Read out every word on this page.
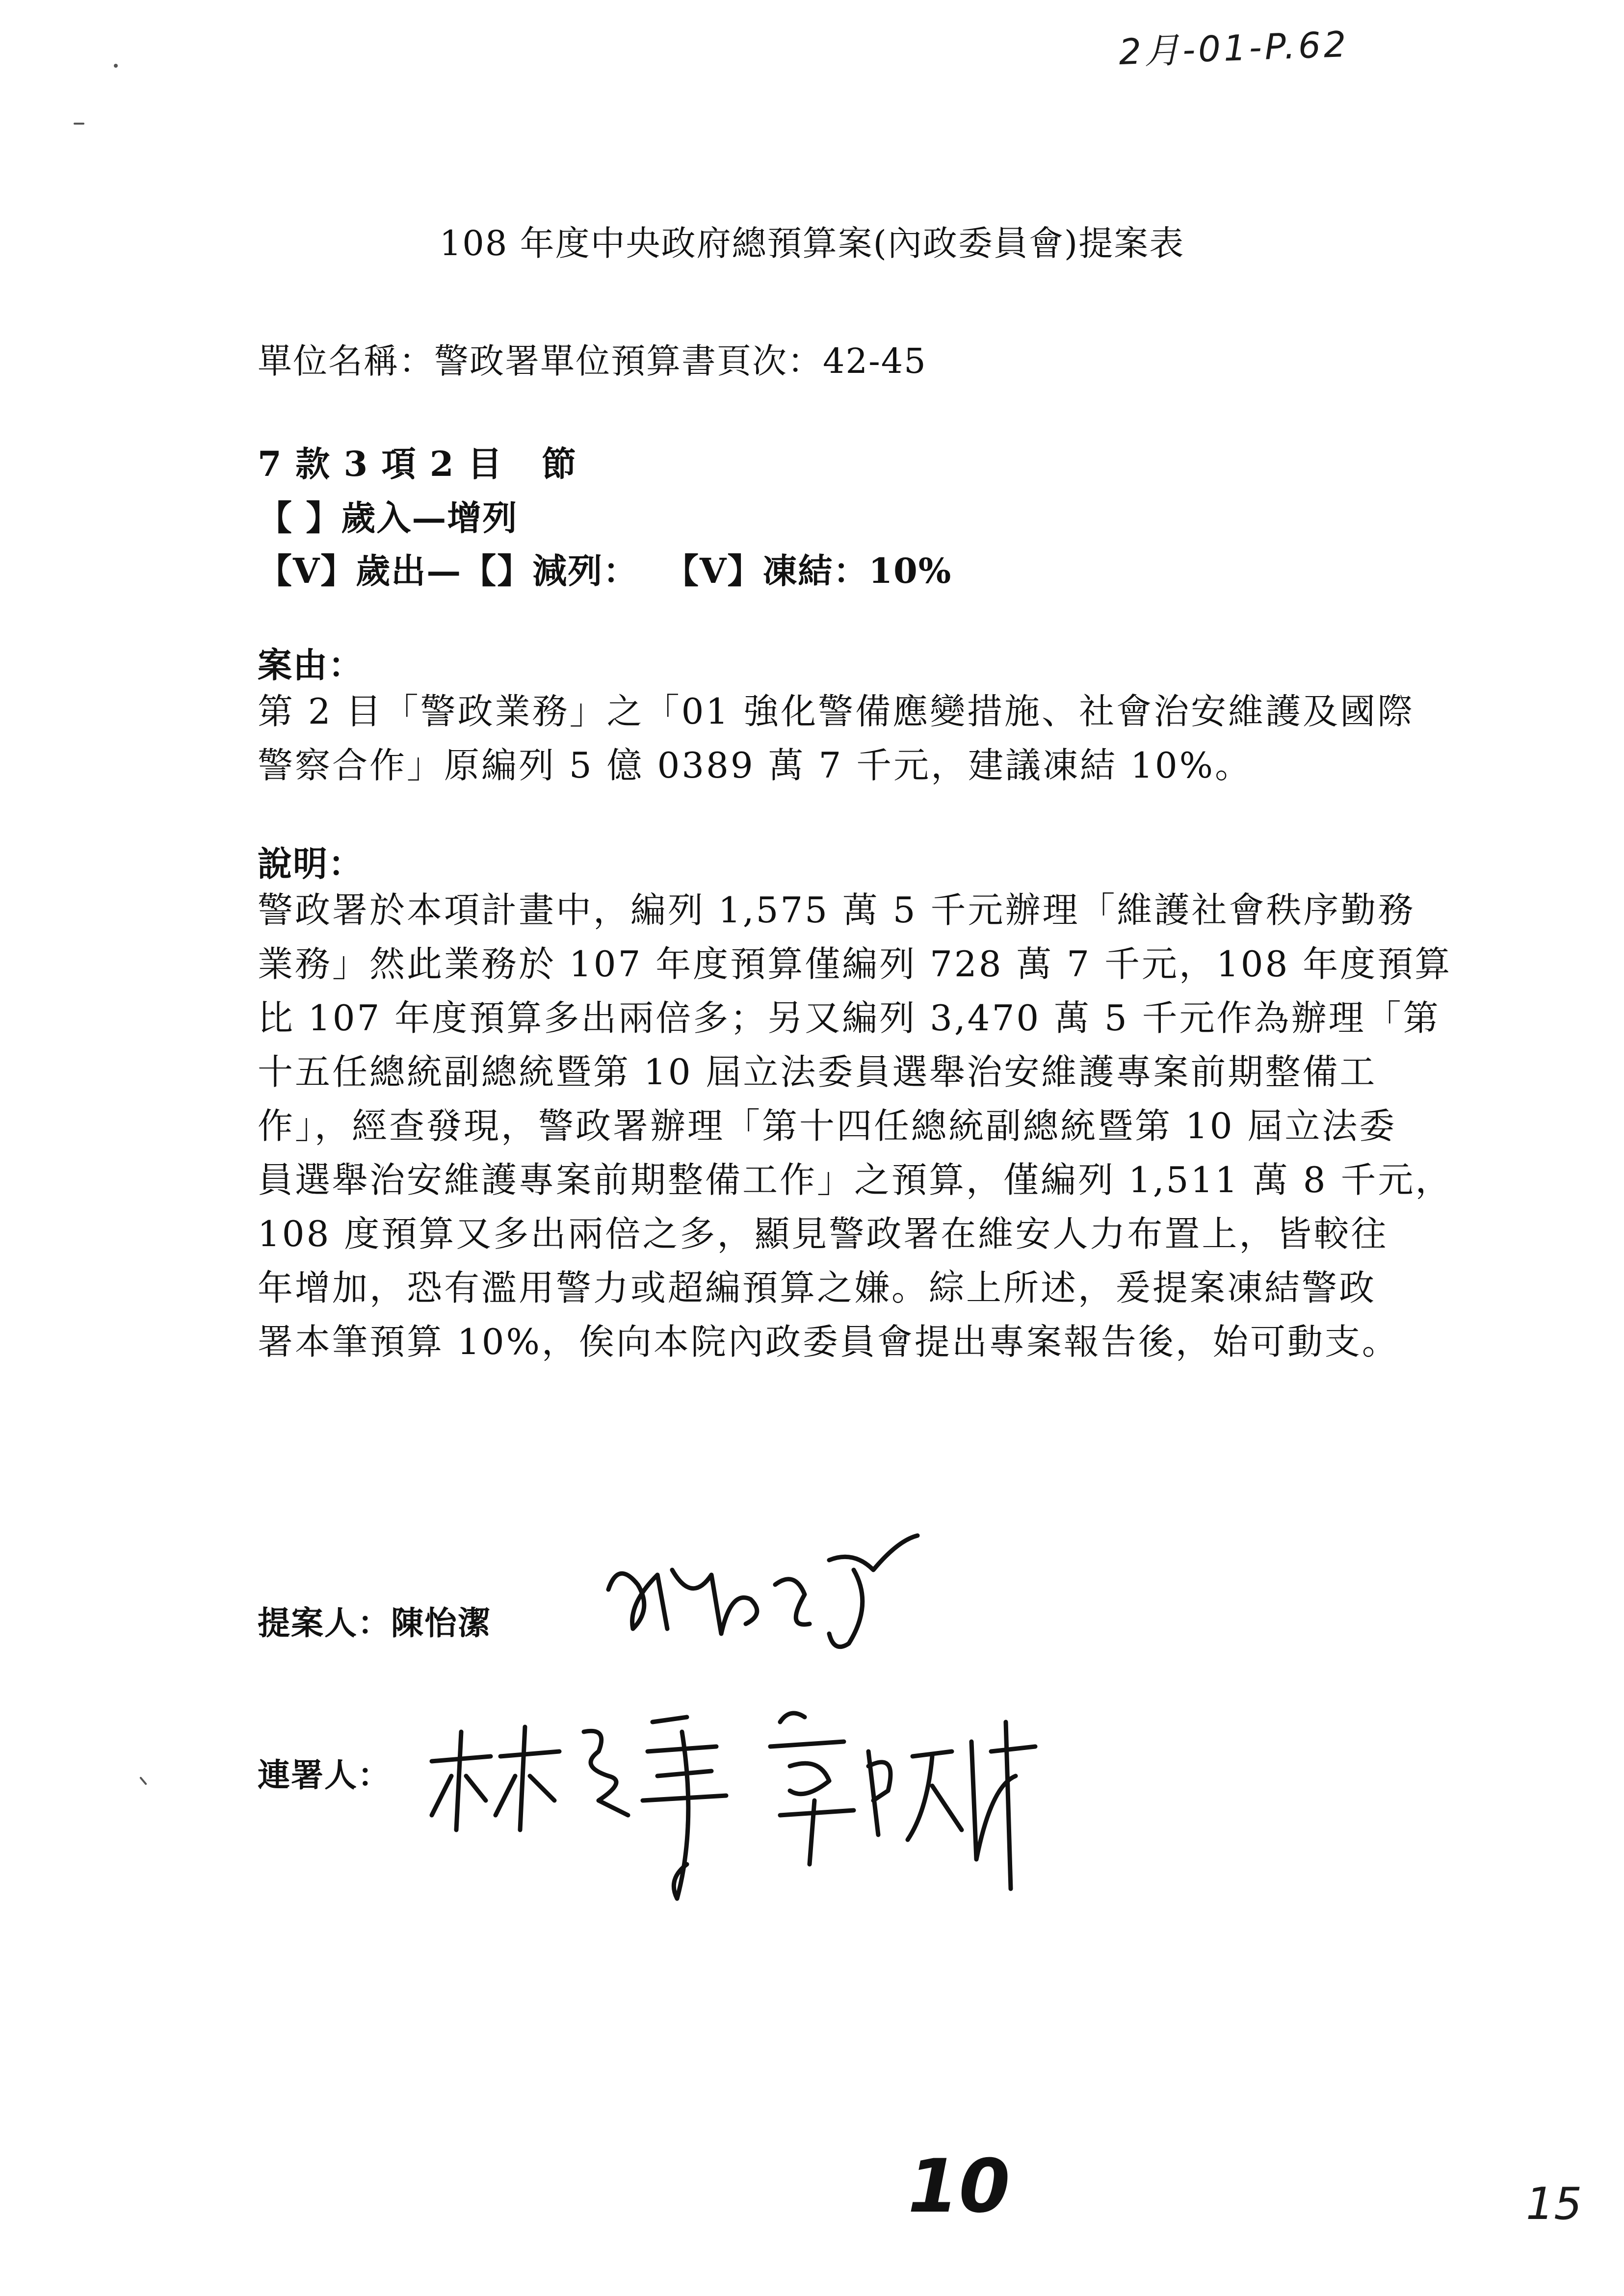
2月-01-P.62
108 年度中央政府總預算案(內政委員會)提案表
單位名稱：警政署單位預算書頁次：42-45
7 款 3 項 2 目   節
【 】歲入—增列
【V】歲出—【】減列：  【V】凍結：10%
案由：

第 2 目「警政業務」之「01 強化警備應變措施、社會治安維護及國際

警察合作」原編列 5 億 0389 萬 7 千元，建議凍結 10%。

說明：

警政署於本項計畫中，編列 1,575 萬 5 千元辦理「維護社會秩序勤務

業務」然此業務於 107 年度預算僅編列 728 萬 7 千元，108 年度預算

比 107 年度預算多出兩倍多；另又編列 3,470 萬 5 千元作為辦理「第

十五任總統副總統暨第 10 屆立法委員選舉治安維護專案前期整備工

作」，經查發現，警政署辦理「第十四任總統副總統暨第 10 屆立法委

員選舉治安維護專案前期整備工作」之預算，僅編列 1,511 萬 8 千元，

108 度預算又多出兩倍之多，顯見警政署在維安人力布置上，皆較往

年增加，恐有濫用警力或超編預算之嫌。綜上所述，爰提案凍結警政

署本筆預算 10%，俟向本院內政委員會提出專案報告後，始可動支。

提案人：陳怡潔
連署人：
10	15
